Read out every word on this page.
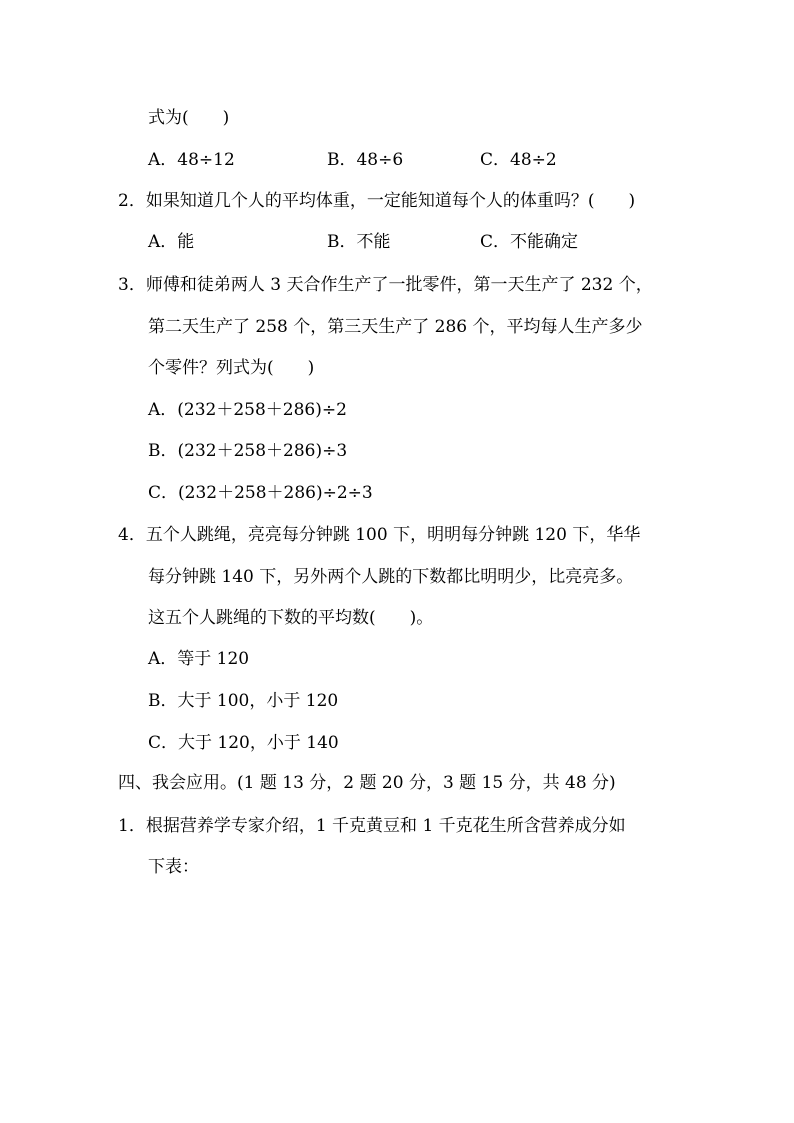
式为(　　)
A．48÷12	B．48÷6	C．48÷2
2．如果知道几个人的平均体重，一定能知道每个人的体重吗？(　　)
A．能	B．不能	C．不能确定
3．师傅和徒弟两人 3 天合作生产了一批零件，第一天生产了 232 个，
第二天生产了 258 个，第三天生产了 286 个，平均每人生产多少
个零件？列式为(　　)
A．(232＋258＋286)÷2
B．(232＋258＋286)÷3
C．(232＋258＋286)÷2÷3
4．五个人跳绳，亮亮每分钟跳 100 下，明明每分钟跳 120 下，华华
每分钟跳 140 下，另外两个人跳的下数都比明明少，比亮亮多。
这五个人跳绳的下数的平均数(　　)。
A．等于 120
B．大于 100，小于 120
C．大于 120，小于 140
四、我会应用。(1 题 13 分，2 题 20 分，3 题 15 分，共 48 分)
1．根据营养学专家介绍，1 千克黄豆和 1 千克花生所含营养成分如
下表：
